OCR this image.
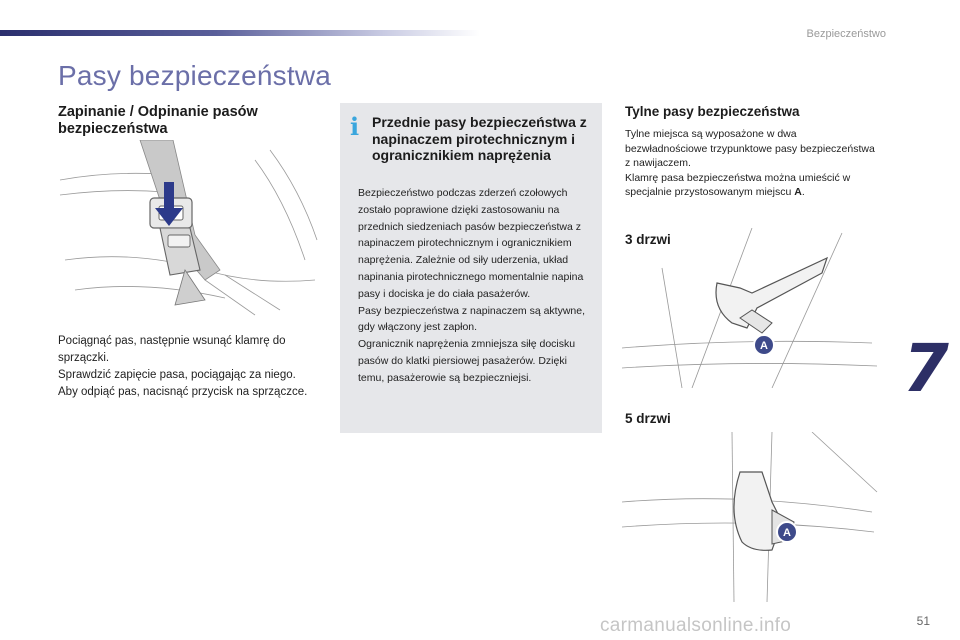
Bezpieczeństwo
Pasy bezpieczeństwa
Zapinanie / Odpinanie pasów bezpieczeństwa

Pociągnąć pas, następnie wsunąć klamrę do sprzączki.

Sprawdzić zapięcie pasa, pociągając za niego.

Aby odpiąć pas, nacisnąć przycisk na sprzączce.

i Przednie pasy bezpieczeństwa z napinaczem pirotechnicznym i ogranicznikiem naprężenia

Bezpieczeństwo podczas zderzeń czołowych zostało poprawione dzięki zastosowaniu na przednich siedzeniach pasów bezpieczeństwa z napinaczem pirotechnicznym i ogranicznikiem naprężenia. Zależnie od siły uderzenia, układ napinania pirotechnicznego momentalnie napina pasy i dociska je do ciała pasażerów.

Pasy bezpieczeństwa z napinaczem są aktywne, gdy włączony jest zapłon.

Ogranicznik naprężenia zmniejsza siłę docisku pasów do klatki piersiowej pasażerów. Dzięki temu, pasażerowie są bezpieczniejsi.

Tylne pasy bezpieczeństwa

Tylne miejsca są wyposażone w dwa bezwładnościowe trzypunktowe pasy bezpieczeństwa z nawijaczem.

Klamrę pasa bezpieczeństwa można umieścić w specjalnie przystosowanym miejscu A.

3 drzwi
A
5 drzwi
A
7
51
carmanualsonline.info
